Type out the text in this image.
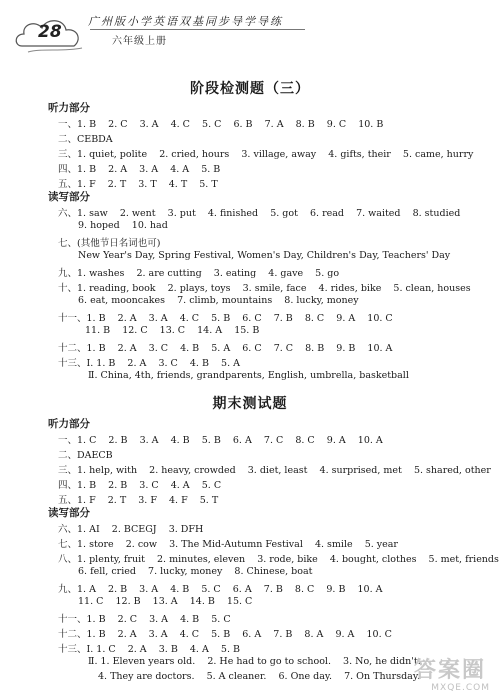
28
广州版小学英语双基同步导学导练
六年级上册
阶段检测题（三）
听力部分
一、1. B    2. C    3. A    4. C    5. C    6. B    7. A    8. B    9. C    10. B
二、CEBDA
三、1. quiet, polite    2. cried, hours    3. village, away    4. gifts, their    5. came, hurry
四、1. B    2. A    3. A    4. A    5. B
五、1. F    2. T    3. T    4. T    5. T
读写部分
六、1. saw    2. went    3. put    4. finished    5. got    6. read    7. waited    8. studied
9. hoped    10. had
七、(其他节日名词也可)
New Year's Day, Spring Festival, Women's Day, Children's Day, Teachers' Day
九、1. washes    2. are cutting    3. eating    4. gave    5. go
十、1. reading, book    2. plays, toys    3. smile, face    4. rides, bike    5. clean, houses
6. eat, mooncakes    7. climb, mountains    8. lucky, money
十一、1. B    2. A    3. A    4. C    5. B    6. C    7. B    8. C    9. A    10. C
11. B    12. C    13. C    14. A    15. B
十二、1. B    2. A    3. C    4. B    5. A    6. C    7. C    8. B    9. B    10. A
十三、Ⅰ. 1. B    2. A    3. C    4. B    5. A
Ⅱ. China, 4th, friends, grandparents, English, umbrella, basketball
期末测试题
听力部分
一、1. C    2. B    3. A    4. B    5. B    6. A    7. C    8. C    9. A    10. A
二、DAECB
三、1. help, with    2. heavy, crowded    3. diet, least    4. surprised, met    5. shared, other
四、1. B    2. B    3. C    4. A    5. C
五、1. F    2. T    3. F    4. F    5. T
读写部分
六、1. AI    2. BCEGJ    3. DFH
七、1. store    2. cow    3. The Mid-Autumn Festival    4. smile    5. year
八、1. plenty, fruit    2. minutes, eleven    3. rode, bike    4. bought, clothes    5. met, friends
6. fell, cried    7. lucky, money    8. Chinese, boat
九、1. A    2. B    3. A    4. B    5. C    6. A    7. B    8. C    9. B    10. A
11. C    12. B    13. A    14. B    15. C
十一、1. B    2. C    3. A    4. B    5. C
十二、1. B    2. A    3. A    4. C    5. B    6. A    7. B    8. A    9. A    10. C
十三、Ⅰ. 1. C    2. A    3. B    4. A    5. B
Ⅱ. 1. Eleven years old.    2. He had to go to school.    3. No, he didn't.
4. They are doctors.    5. A cleaner.    6. One day.    7. On Thursday.
答案圈
MXQE.COM
